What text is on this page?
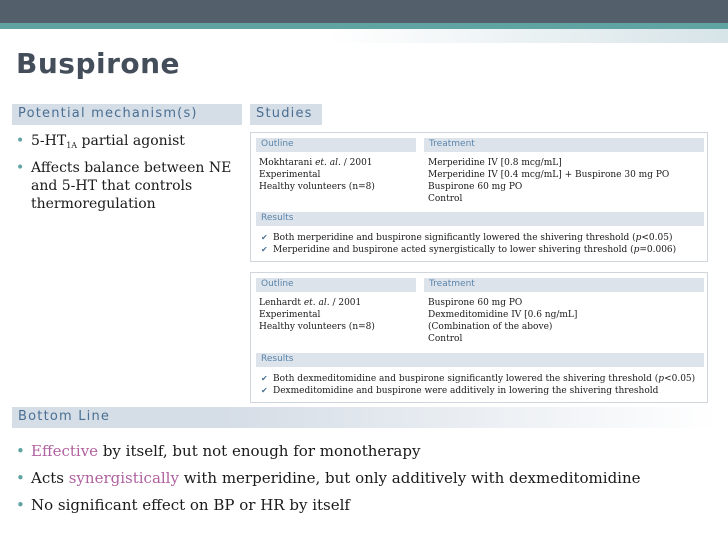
Buspirone
Potential mechanism(s)
• $5-HT_{1A}$ partial agonist
• Affects balance between NE and 5-HT that controls thermoregulation
Studies
Outline	Treatment
Mokhtarani et. al. / 2001
Experimental
Healthy volunteers (n=8)
Merperidine IV [0.8 mcg/mL]
Merperidine IV [0.4 mcg/mL] + Buspirone 30 mg PO
Buspirone 60 mg PO
Control
Results
✔ Both merperidine and buspirone significantly lowered the shivering threshold (p<0.05)
✔ Merperidine and buspirone acted synergistically to lower shivering threshold (p=0.006)
Outline	Treatment
Lenhardt et. al. / 2001
Experimental
Healthy volunteers (n=8)
Buspirone 60 mg PO
Dexmeditomidine IV [0.6 ng/mL]
(Combination of the above)
Control
Results
✔ Both dexmeditomidine and buspirone significantly lowered the shivering threshold (p<0.05)
✔ Dexmeditomidine and buspirone were additively in lowering the shivering threshold
Bottom Line
• Effective by itself, but not enough for monotherapy
• Acts synergistically with merperidine, but only additively with dexmeditomidine
• No significant effect on BP or HR by itself
